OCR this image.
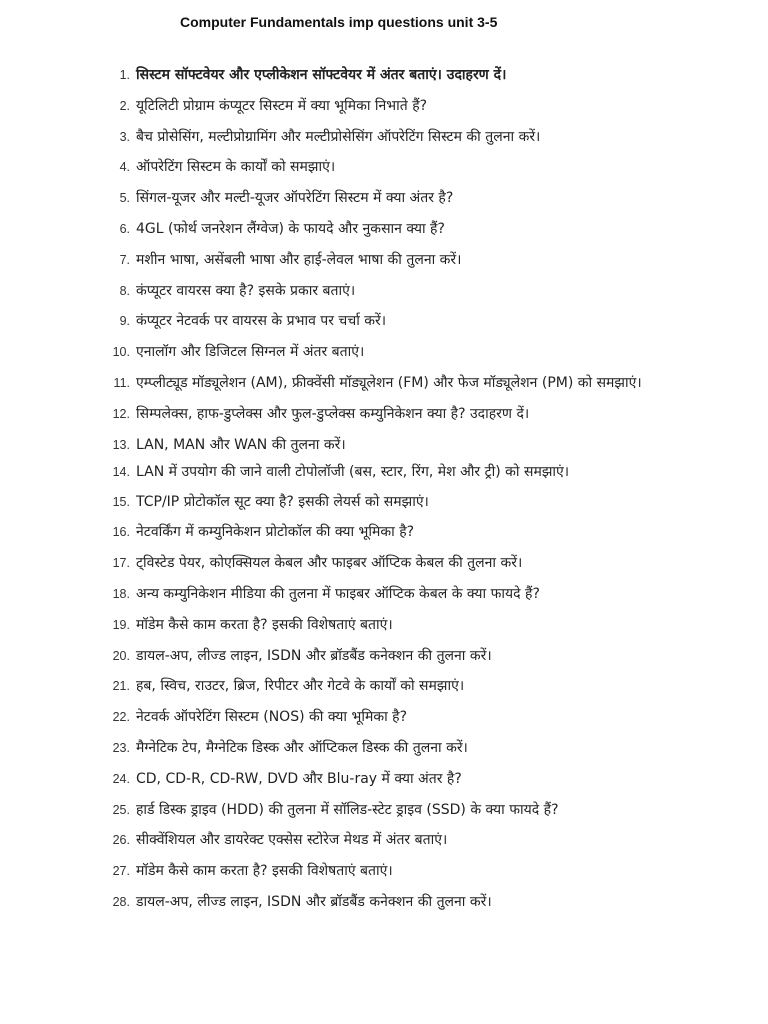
Computer Fundamentals imp questions unit 3-5
1. सिस्टम सॉफ्टवेयर और एप्लीकेशन सॉफ्टवेयर में अंतर बताएं। उदाहरण दें।
2. यूटिलिटी प्रोग्राम कंप्यूटर सिस्टम में क्या भूमिका निभाते हैं?
3. बैच प्रोसेसिंग, मल्टीप्रोग्रामिंग और मल्टीप्रोसेसिंग ऑपरेटिंग सिस्टम की तुलना करें।
4. ऑपरेटिंग सिस्टम के कार्यों को समझाएं।
5. सिंगल-यूजर और मल्टी-यूजर ऑपरेटिंग सिस्टम में क्या अंतर है?
6. 4GL (फोर्थ जनरेशन लैंग्वेज) के फायदे और नुकसान क्या हैं?
7. मशीन भाषा, असेंबली भाषा और हाई-लेवल भाषा की तुलना करें।
8. कंप्यूटर वायरस क्या है? इसके प्रकार बताएं।
9. कंप्यूटर नेटवर्क पर वायरस के प्रभाव पर चर्चा करें।
10. एनालॉग और डिजिटल सिग्नल में अंतर बताएं।
11. एम्प्लीट्यूड मॉड्यूलेशन (AM), फ्रीक्वेंसी मॉड्यूलेशन (FM) और फेज मॉड्यूलेशन (PM) को समझाएं।
12. सिम्पलेक्स, हाफ-डुप्लेक्स और फुल-डुप्लेक्स कम्युनिकेशन क्या है? उदाहरण दें।
13. LAN, MAN और WAN की तुलना करें।
14. LAN में उपयोग की जाने वाली टोपोलॉजी (बस, स्टार, रिंग, मेश और ट्री) को समझाएं।
15. TCP/IP प्रोटोकॉल सूट क्या है? इसकी लेयर्स को समझाएं।
16. नेटवर्किंग में कम्युनिकेशन प्रोटोकॉल की क्या भूमिका है?
17. ट्विस्टेड पेयर, कोएक्सियल केबल और फाइबर ऑप्टिक केबल की तुलना करें।
18. अन्य कम्युनिकेशन मीडिया की तुलना में फाइबर ऑप्टिक केबल के क्या फायदे हैं?
19. मॉडेम कैसे काम करता है? इसकी विशेषताएं बताएं।
20. डायल-अप, लीज्ड लाइन, ISDN और ब्रॉडबैंड कनेक्शन की तुलना करें।
21. हब, स्विच, राउटर, ब्रिज, रिपीटर और गेटवे के कार्यों को समझाएं।
22. नेटवर्क ऑपरेटिंग सिस्टम (NOS) की क्या भूमिका है?
23. मैग्नेटिक टेप, मैग्नेटिक डिस्क और ऑप्टिकल डिस्क की तुलना करें।
24. CD, CD-R, CD-RW, DVD और Blu-ray में क्या अंतर है?
25. हार्ड डिस्क ड्राइव (HDD) की तुलना में सॉलिड-स्टेट ड्राइव (SSD) के क्या फायदे हैं?
26. सीक्वेंशियल और डायरेक्ट एक्सेस स्टोरेज मेथड में अंतर बताएं।
27. मॉडेम कैसे काम करता है? इसकी विशेषताएं बताएं।
28. डायल-अप, लीज्ड लाइन, ISDN और ब्रॉडबैंड कनेक्शन की तुलना करें।
